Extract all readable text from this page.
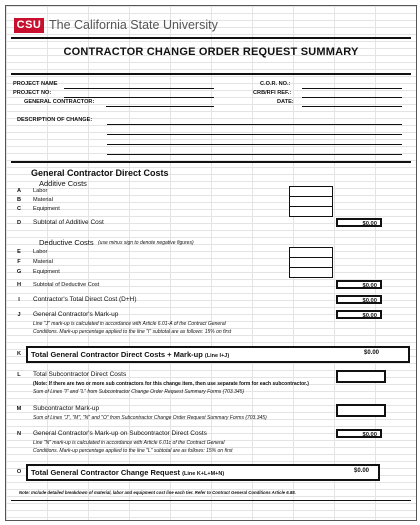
CSU The California State University
CONTRACTOR CHANGE ORDER REQUEST SUMMARY
PROJECT NAME
PROJECT NO:
GENERAL CONTRACTOR:
C.O.R. NO.:
CRB/RFI REF.:
DATE:
DESCRIPTION OF CHANGE:
General Contractor Direct Costs
Additive Costs
A	Labor
B	Material
C	Equipment
D	Subtotal of Additive Cost	$0.00
Deductive Costs (use minus sign to denote negative figures)
E	Labor
F	Material
G	Equipment
H	Subtotal of Deductive Cost	$0.00
I	Contractor's Total Direct Cost (D+H)	$0.00
J	General Contractor's Mark-up	$0.00
Line "J" mark-up is calculated in accordance with Article 6.01-A of the Contract General
Conditions. Mark-up percentage applied to the line "I" subtotal are as follows: 15% on first
K Total General Contractor Direct Costs + Mark-up (Line I+J)	$0.00
L	Total Subcontractor Direct Costs
(Note: If there are two or more sub contractors for this change item, then use separate form for each subcontractor.)
Sum of Lines "I" and "L" from Subcontractor Change Order Request Summary Forms (703.345)
M Subcontractor Mark-up
Sum of Lines "J", "M", "N" and "O" from Subcontractor Change Order Request Summary Forms (703.345)
N	General Contractor's Mark-up on Subcontractor Direct Costs	$0.00
Line "N" mark-up is calculated in accordance with Article 6.01c of the Contract General
Conditions. Mark-up percentage applied to the line "L" subtotal are as follows: 15% on first
O Total General Contractor Change Request (Line K+L+M+N)	$0.00
Note: Include detailed breakdown of material, labor and equipment cost line each tier. Refer to Contract General Conditions Article 6.88.
